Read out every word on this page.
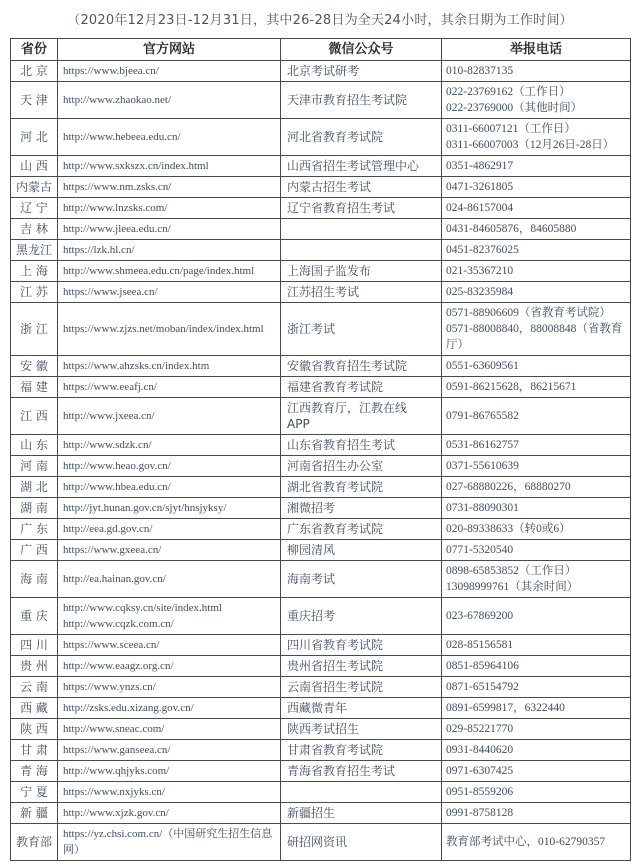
（2020年12月23日-12月31日，其中26-28日为全天24小时，其余日期为工作时间）
省份	官方网站	微信公众号	举报电话
北 京	https://www.bjeea.cn/	北京考试研考	010-82837135

天 津	http://www.zhaokao.net/	天津市教育招生考试院	022-23769162（工作日）
022-23769000（其他时间）

河 北	http://www.hebeea.edu.cn/	河北省教育考试院	0311-66007121（工作日）
0311-66007003（12月26日-28日）

山 西	http://www.sxkszx.cn/index.html	山西省招生考试管理中心	0351-4862917

内蒙古	https://www.nm.zsks.cn/	内蒙古招生考试	0471-3261805

辽 宁	http://www.lnzsks.com/	辽宁省教育招生考试	024-86157004

吉 林	http://www.jleea.edu.cn/		0431-84605876，84605880

黑龙江	https://lzk.hl.cn/		0451-82376025

上 海	http://www.shmeea.edu.cn/page/index.html	上海国子监发布	021-35367210

江 苏	https://www.jseea.cn/	江苏招生考试	025-83235984

浙 江	https://www.zjzs.net/moban/index/index.html	浙江考试	0571-88906609（省教育考试院）
0571-88008840，88008848（省教育厅）

安 徽	https://www.ahzsks.cn/index.htm	安徽省教育招生考试院	0551-63609561

福 建	https://www.eeafj.cn/	福建省教育考试院	0591-86215628，86215671

江 西	http://www.jxeea.cn/	江西教育厅，江教在线
APP	0791-86765582

山 东	http://www.sdzk.cn/	山东省教育招生考试	0531-86162757

河 南	http://www.heao.gov.cn/	河南省招生办公室	0371-55610639

湖 北	http://www.hbea.edu.cn/	湖北省教育考试院	027-68880226，68880270

湖 南	http://jyt.hunan.gov.cn/sjyt/hnsjyksy/	湘微招考	0731-88090301

广 东	http://eea.gd.gov.cn/	广东省教育考试院	020-89338633（转0或6）

广 西	https://www.gxeea.cn/	柳园清风	0771-5320540

海 南	http://ea.hainan.gov.cn/	海南考试	0898-65853852（工作日）
13098999761（其余时间）

重 庆	http://www.cqksy.cn/site/index.html
http://www.cqzk.com.cn/	重庆招考	023-67869200

四 川	https://www.sceea.cn/	四川省教育考试院	028-85156581

贵 州	http://www.eaagz.org.cn/	贵州省招生考试院	0851-85964106

云 南	https://www.ynzs.cn/	云南省招生考试院	0871-65154792

西 藏	http://zsks.edu.xizang.gov.cn/	西藏微青年	0891-6599817，6322440

陕 西	http://www.sneac.com/	陕西考试招生	029-85221770

甘 肃	https://www.ganseea.cn/	甘肃省教育考试院	0931-8440620

青 海	http://www.qhjyks.com/	青海省教育招生考试	0971-6307425

宁 夏	https://www.nxjyks.cn/		0951-8559206

新 疆	http://www.xjzk.gov.cn/	新疆招生	0991-8758128

教育部	https://yz.chsi.com.cn/（中国研究生招生信息网）	研招网资讯	教育部考试中心，010-62790357
